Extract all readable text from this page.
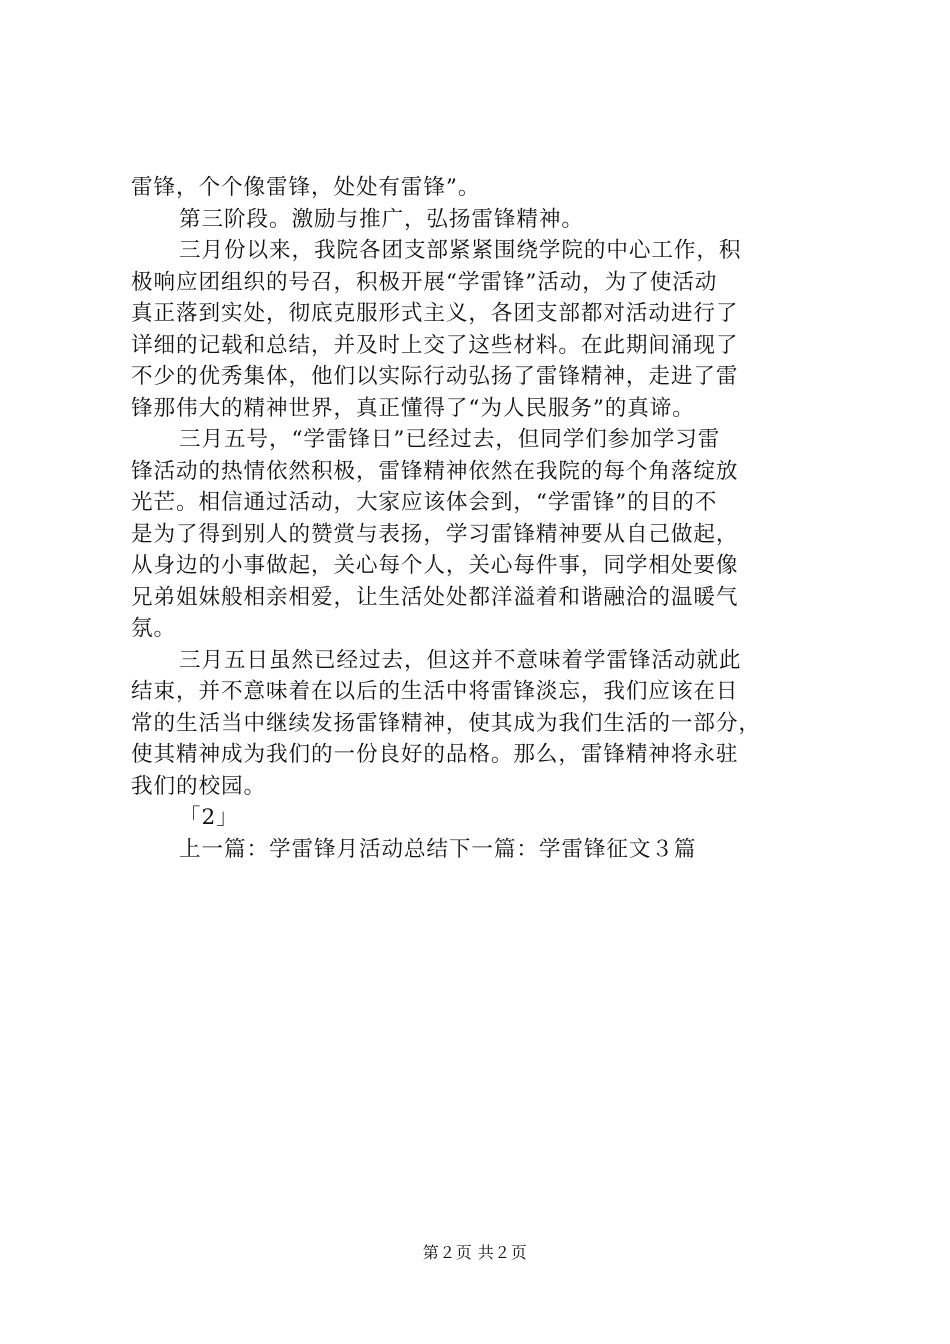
雷锋，个个像雷锋，处处有雷锋”。
第三阶段。激励与推广，弘扬雷锋精神。
三月份以来，我院各团支部紧紧围绕学院的中心工作，积
极响应团组织的号召，积极开展“学雷锋”活动，为了使活动
真正落到实处，彻底克服形式主义，各团支部都对活动进行了
详细的记载和总结，并及时上交了这些材料。在此期间涌现了
不少的优秀集体，他们以实际行动弘扬了雷锋精神，走进了雷
锋那伟大的精神世界，真正懂得了“为人民服务”的真谛。
三月五号，“学雷锋日”已经过去，但同学们参加学习雷
锋活动的热情依然积极，雷锋精神依然在我院的每个角落绽放
光芒。相信通过活动，大家应该体会到，“学雷锋”的目的不
是为了得到别人的赞赏与表扬，学习雷锋精神要从自己做起，
从身边的小事做起，关心每个人，关心每件事，同学相处要像
兄弟姐妹般相亲相爱，让生活处处都洋溢着和谐融洽的温暖气
氛。
三月五日虽然已经过去，但这并不意味着学雷锋活动就此
结束，并不意味着在以后的生活中将雷锋淡忘，我们应该在日
常的生活当中继续发扬雷锋精神，使其成为我们生活的一部分，
使其精神成为我们的一份良好的品格。那么，雷锋精神将永驻
我们的校园。
「2」
上一篇：学雷锋月活动总结下一篇：学雷锋征文３篇
第２页 共２页
